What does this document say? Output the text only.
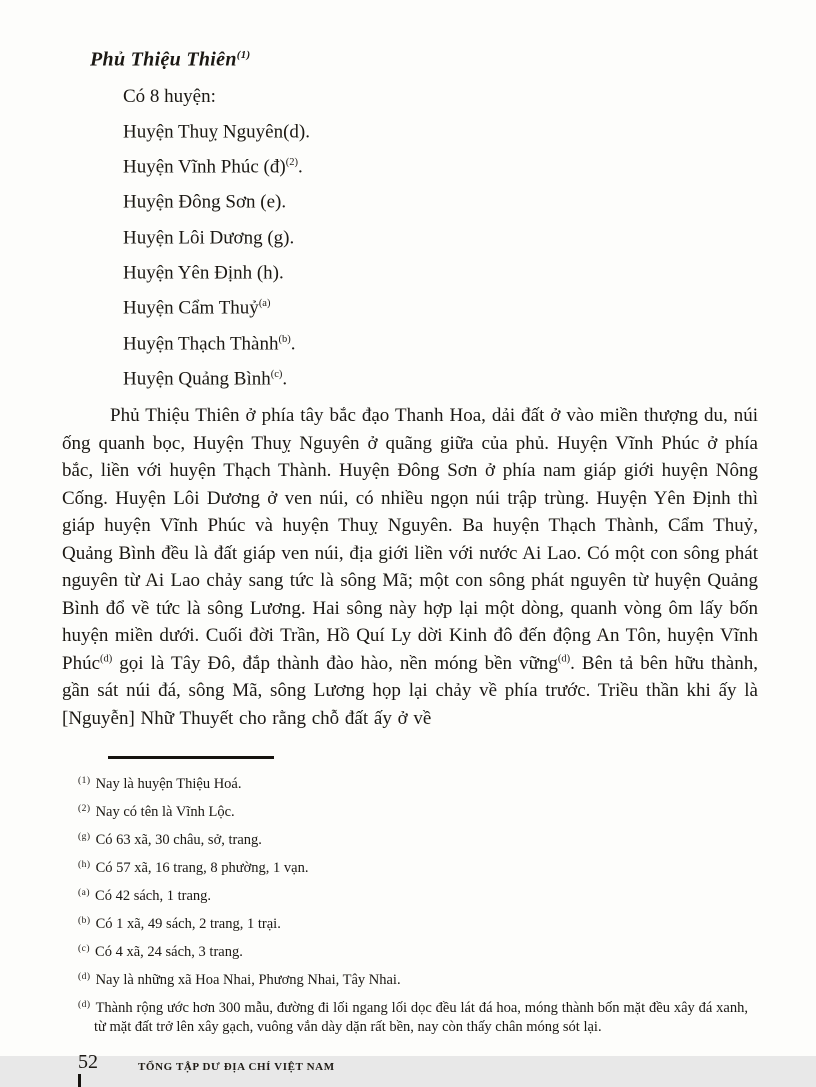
Phủ Thiệu Thiên$^{(1)}$
Có 8 huyện:
Huyện Thuỵ Nguyên(d).
Huyện Vĩnh Phúc (đ)$^{(2)}$.
Huyện Đông Sơn (e).
Huyện Lôi Dương (g).
Huyện Yên Định (h).
Huyện Cẩm Thuỷ$^{(a)}$
Huyện Thạch Thành$^{(b)}$.
Huyện Quảng Bình$^{(c)}$.

Phủ Thiệu Thiên ở phía tây bắc đạo Thanh Hoa, dải đất ở vào miền thượng du, núi ống quanh bọc, Huyện Thuỵ Nguyên ở quãng giữa của phủ. Huyện Vĩnh Phúc ở phía bắc, liền với huyện Thạch Thành. Huyện Đông Sơn ở phía nam giáp giới huyện Nông Cống. Huyện Lôi Dương ở ven núi, có nhiều ngọn núi trập trùng. Huyện Yên Định thì giáp huyện Vĩnh Phúc và huyện Thuỵ Nguyên. Ba huyện Thạch Thành, Cẩm Thuỷ, Quảng Bình đều là đất giáp ven núi, địa giới liền với nước Ai Lao. Có một con sông phát nguyên từ Ai Lao chảy sang tức là sông Mã; một con sông phát nguyên từ huyện Quảng Bình đổ về tức là sông Lương. Hai sông này hợp lại một dòng, quanh vòng ôm lấy bốn huyện miền dưới. Cuối đời Trần, Hồ Quí Ly dời Kinh đô đến động An Tôn, huyện Vĩnh Phúc$^{(d)}$ gọi là Tây Đô, đắp thành đào hào, nền móng bền vững$^{(d)}$. Bên tả bên hữu thành, gần sát núi đá, sông Mã, sông Lương họp lại chảy về phía trước. Triều thần khi ấy là [Nguyễn] Nhữ Thuyết cho rằng chỗ đất ấy ở về

$^{(1)}$ Nay là huyện Thiệu Hoá.
$^{(2)}$ Nay có tên là Vĩnh Lộc.
$^{(g)}$ Có 63 xã, 30 châu, sở, trang.
$^{(h)}$ Có 57 xã, 16 trang, 8 phường, 1 vạn.
$^{(a)}$ Có 42 sách, 1 trang.
$^{(b)}$ Có 1 xã, 49 sách, 2 trang, 1 trại.
$^{(c)}$ Có 4 xã, 24 sách, 3 trang.
$^{(d)}$ Nay là những xã Hoa Nhai, Phương Nhai, Tây Nhai.
$^{(d)}$ Thành rộng ước hơn 300 mẫu, đường đi lối ngang lối dọc đều lát đá hoa, móng thành bốn mặt đều xây đá xanh, từ mặt đất trở lên xây gạch, vuông vắn dày dặn rất bền, nay còn thấy chân móng sót lại.
52	TỔNG TẬP DƯ ĐỊA CHÍ VIỆT NAM
